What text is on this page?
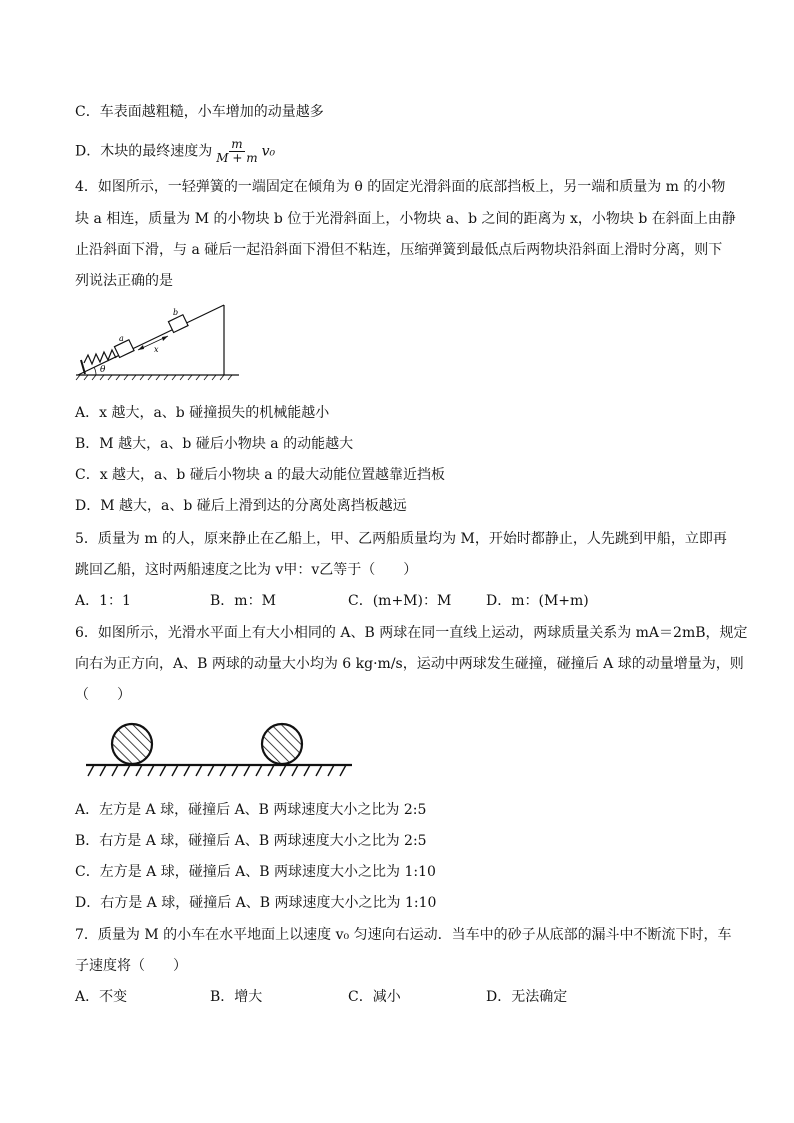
C．车表面越粗糙，小车增加的动量越多
D．木块的最终速度为 $\frac{m}{M + m} v_0$
4．如图所示，一轻弹簧的一端固定在倾角为 θ 的固定光滑斜面的底部挡板上，另一端和质量为 m 的小物
块 a 相连，质量为 M 的小物块 b 位于光滑斜面上，小物块 a、b 之间的距离为 x，小物块 b 在斜面上由静
止沿斜面下滑，与 a 碰后一起沿斜面下滑但不粘连，压缩弹簧到最低点后两物块沿斜面上滑时分离，则下
列说法正确的是
a
b
x
θ
A．x 越大，a、b 碰撞损失的机械能越小
B．M 越大，a、b 碰后小物块 a 的动能越大
C．x 越大，a、b 碰后小物块 a 的最大动能位置越靠近挡板
D．M 越大，a、b 碰后上滑到达的分离处离挡板越远
5．质量为 m 的人，原来静止在乙船上，甲、乙两船质量均为 M，开始时都静止，人先跳到甲船，立即再
跳回乙船，这时两船速度之比为 v甲：v乙等于（　　）
A．1：1	B．m：M	C．(m+M)：M D．m：(M+m)
6．如图所示，光滑水平面上有大小相同的 A、B 两球在同一直线上运动，两球质量关系为 mA＝2mB，规定
向右为正方向，A、B 两球的动量大小均为 6 kg·m/s，运动中两球发生碰撞，碰撞后 A 球的动量增量为，则
（　　）
A．左方是 A 球，碰撞后 A、B 两球速度大小之比为 2:5
B．右方是 A 球，碰撞后 A、B 两球速度大小之比为 2:5
C．左方是 A 球，碰撞后 A、B 两球速度大小之比为 1:10
D．右方是 A 球，碰撞后 A、B 两球速度大小之比为 1:10
7．质量为 M 的小车在水平地面上以速度 v₀ 匀速向右运动．当车中的砂子从底部的漏斗中不断流下时，车
子速度将（　　）
A．不变	B．增大	C．减小	D．无法确定
